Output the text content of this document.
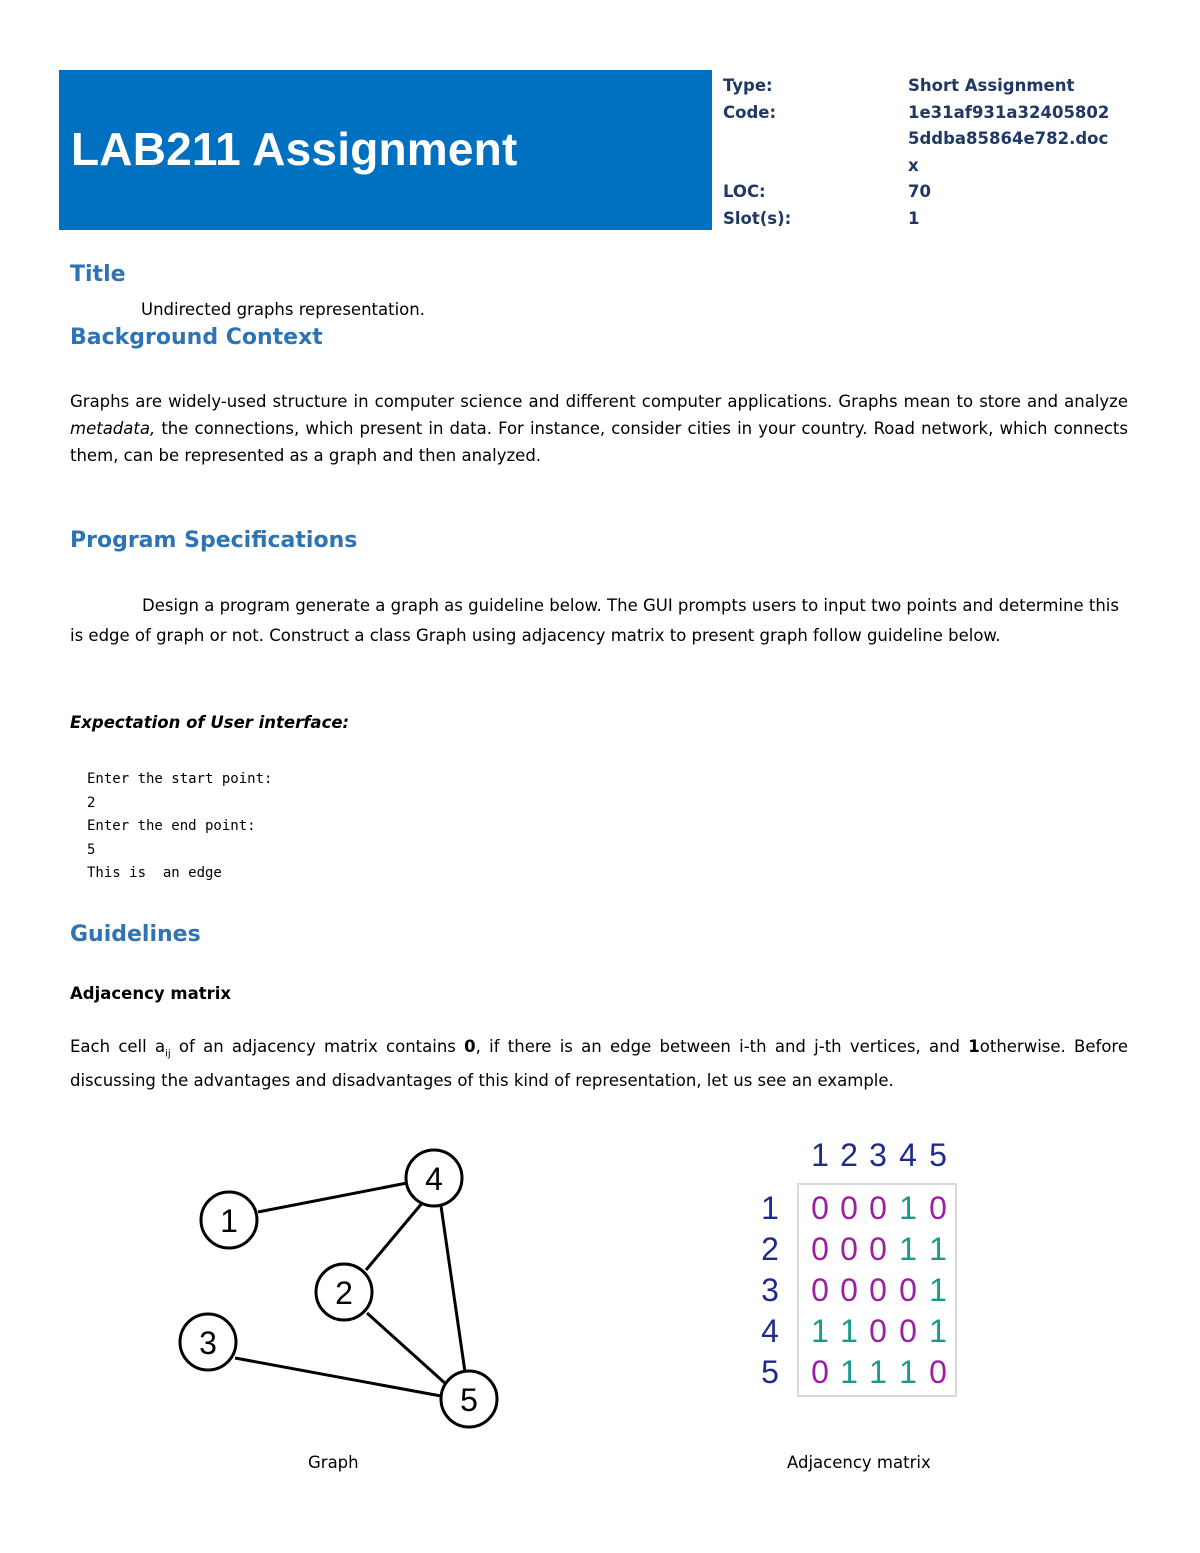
LAB211 Assignment
Type:	Short Assignment
Code:	1e31af931a324058025ddba85864e782.docx
LOC:	70
Slot(s):	1
Title
Undirected graphs representation.
Background Context
Graphs are widely-used structure in computer science and different computer applications. Graphs mean to store and analyze metadata, the connections, which present in data. For instance, consider cities in your country. Road network, which connects them, can be represented as a graph and then analyzed.
Program Specifications
Design a program generate a graph as guideline below. The GUI prompts users to input two points and determine this is edge of graph or not. Construct a class Graph using adjacency matrix to present graph follow guideline below.
Expectation of User interface:
Enter the start point:
2
Enter the end point:
5
This is  an edge
Guidelines
Adjacency matrix
Each cell $a_{ij}$ of an adjacency matrix contains 0, if there is an edge between i-th and j-th vertices, and 1otherwise. Before discussing the advantages and disadvantages of this kind of representation, let us see an example.
1
2
3
4
5
1 2 3 4 5
1
2
3
4
5
0 0 0 1 0
0 0 0 1 1
0 0 0 0 1
1 1 0 0 1
0 1 1 1 0
Graph	Adjacency matrix
